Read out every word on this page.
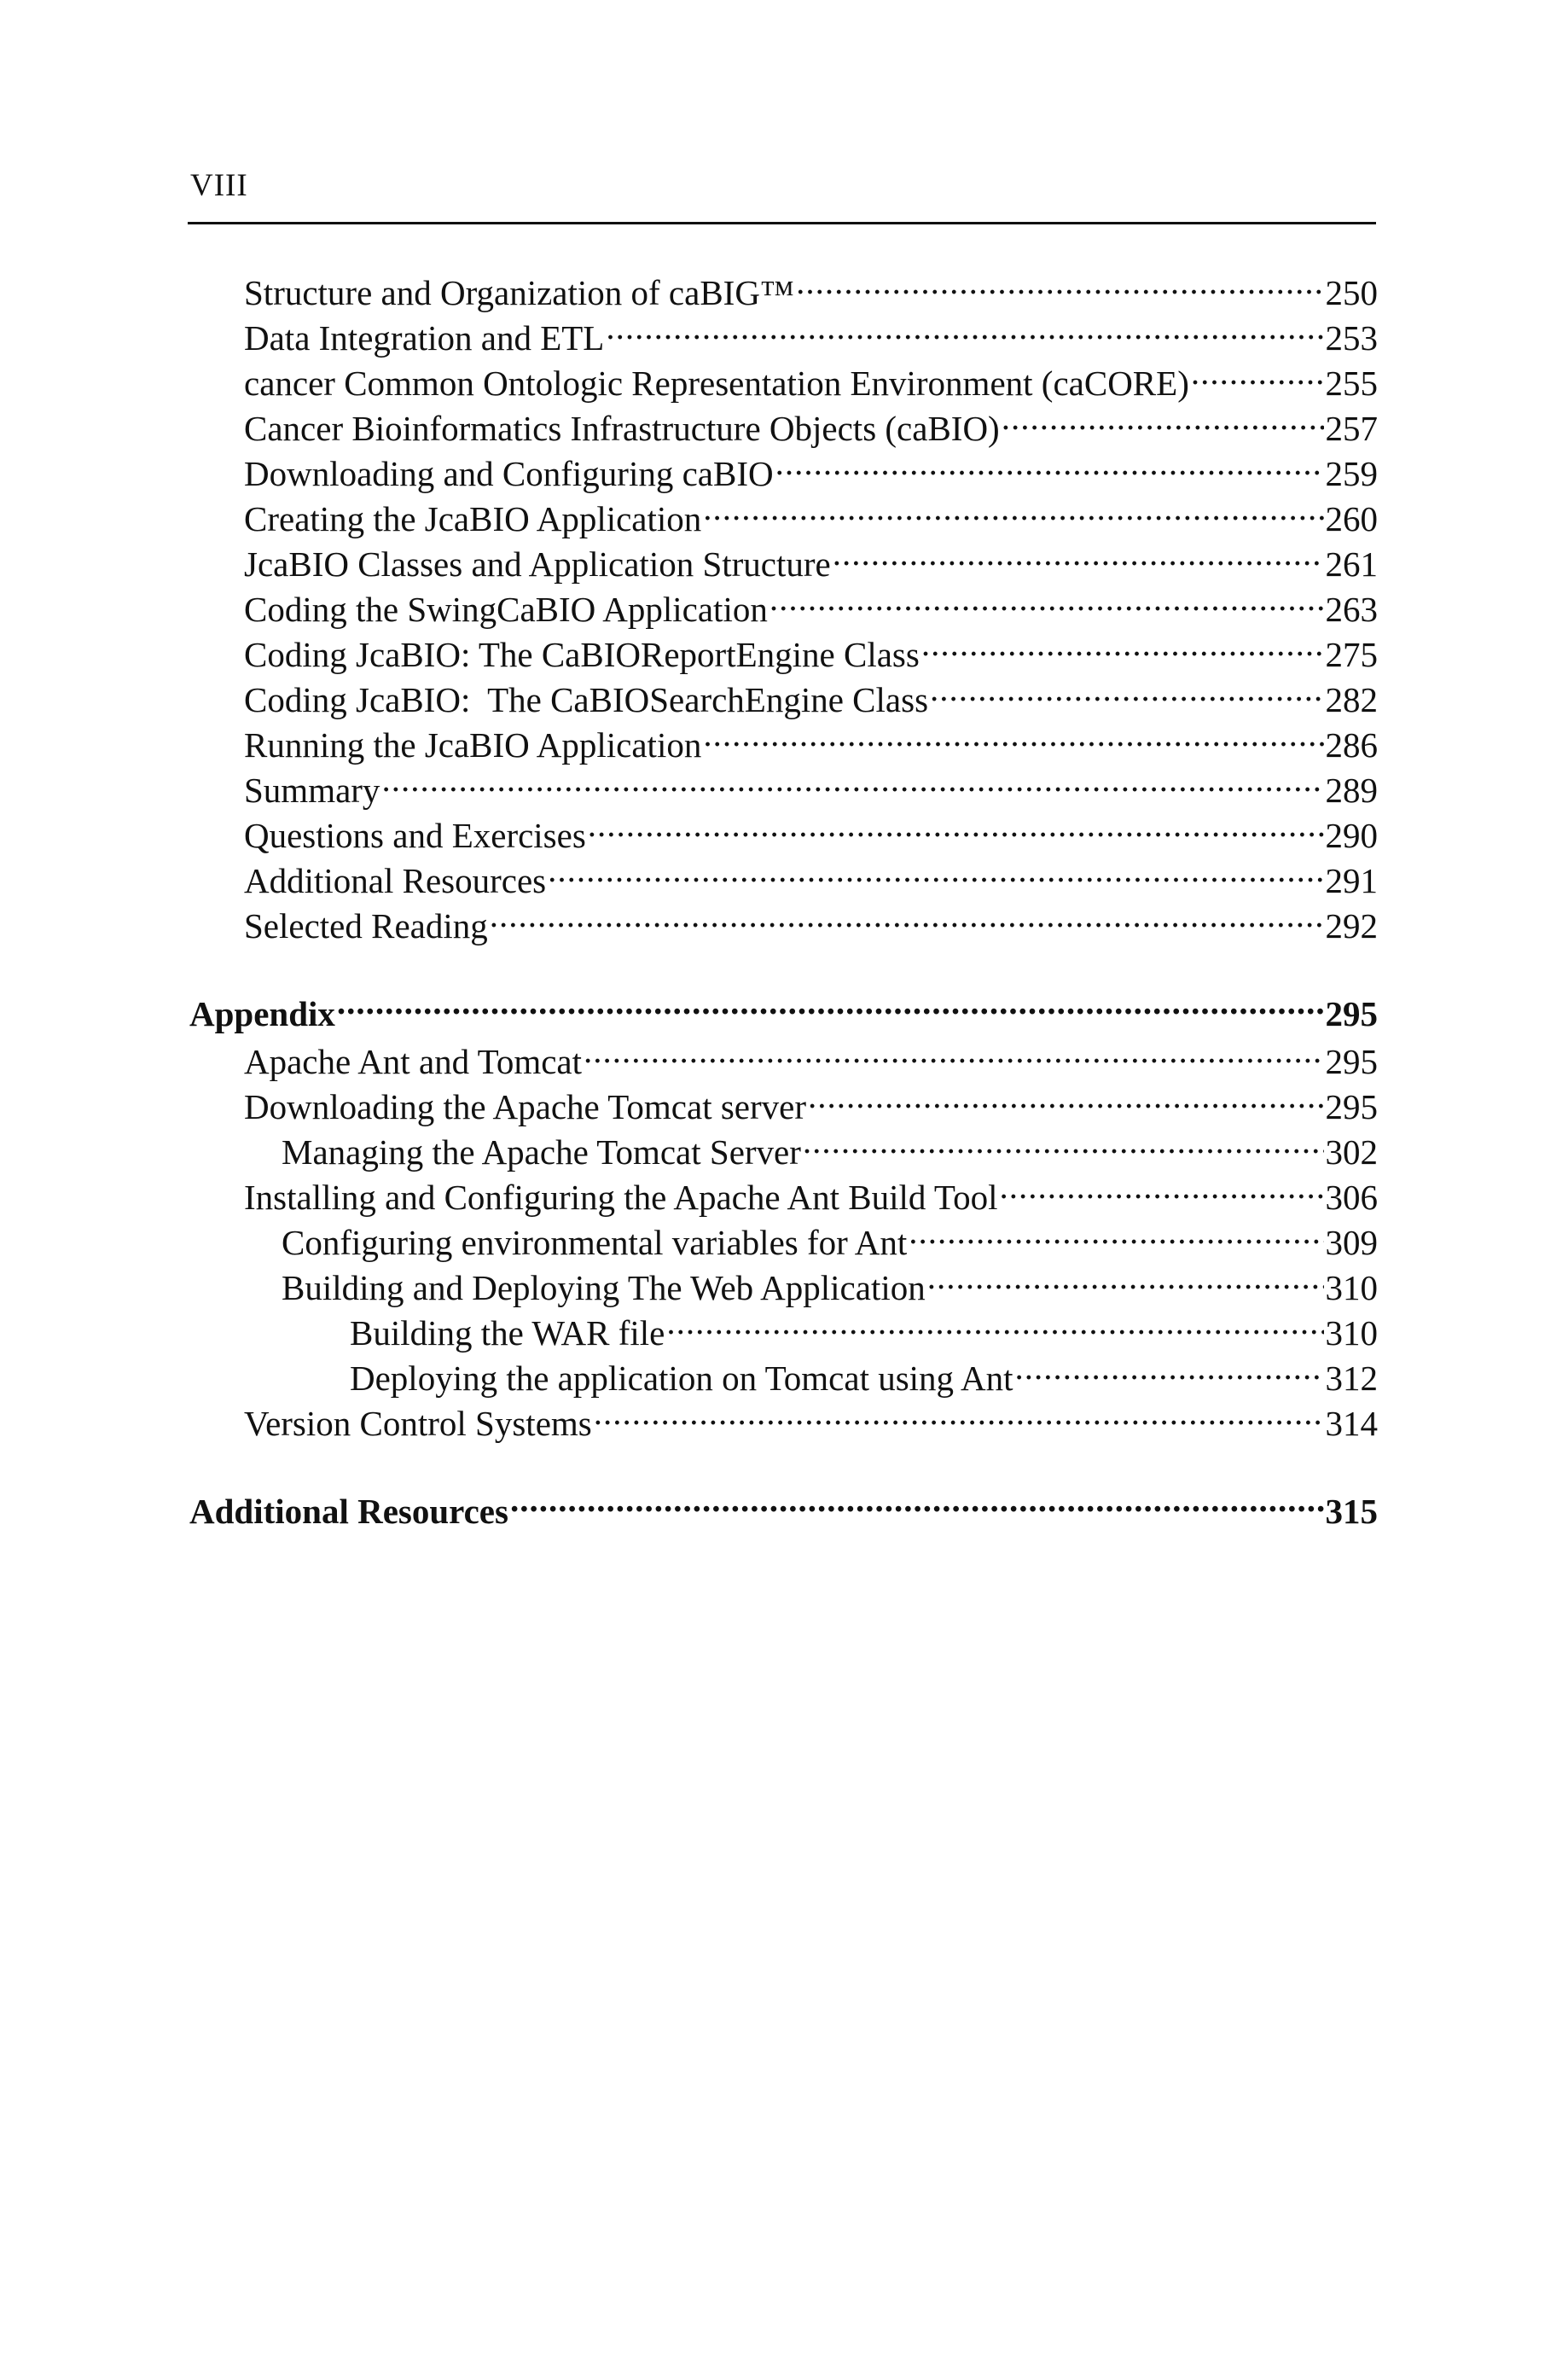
VIII
Structure and Organization of caBIG™ .....	250
Data Integration and ETL .....	253
cancer Common Ontologic Representation Environment (caCORE) .....	255
Cancer Bioinformatics Infrastructure Objects (caBIO) .....	257
Downloading and Configuring caBIO .....	259
Creating the JcaBIO Application .....	260
JcaBIO Classes and Application Structure .....	261
Coding the SwingCaBIO Application .....	263
Coding JcaBIO: The CaBIOReportEngine Class .....	275
Coding JcaBIO:  The CaBIOSearchEngine Class .....	282
Running the JcaBIO Application .....	286
Summary .....	289
Questions and Exercises .....	290
Additional Resources .....	291
Selected Reading .....	292
Appendix .....	295
Apache Ant and Tomcat .....	295
Downloading the Apache Tomcat server .....	295
Managing the Apache Tomcat Server .....	302
Installing and Configuring the Apache Ant Build Tool .....	306
Configuring environmental variables for Ant .....	309
Building and Deploying The Web Application .....	310
Building the WAR file .....	310
Deploying the application on Tomcat using Ant .....	312
Version Control Systems .....	314
Additional Resources .....	315
